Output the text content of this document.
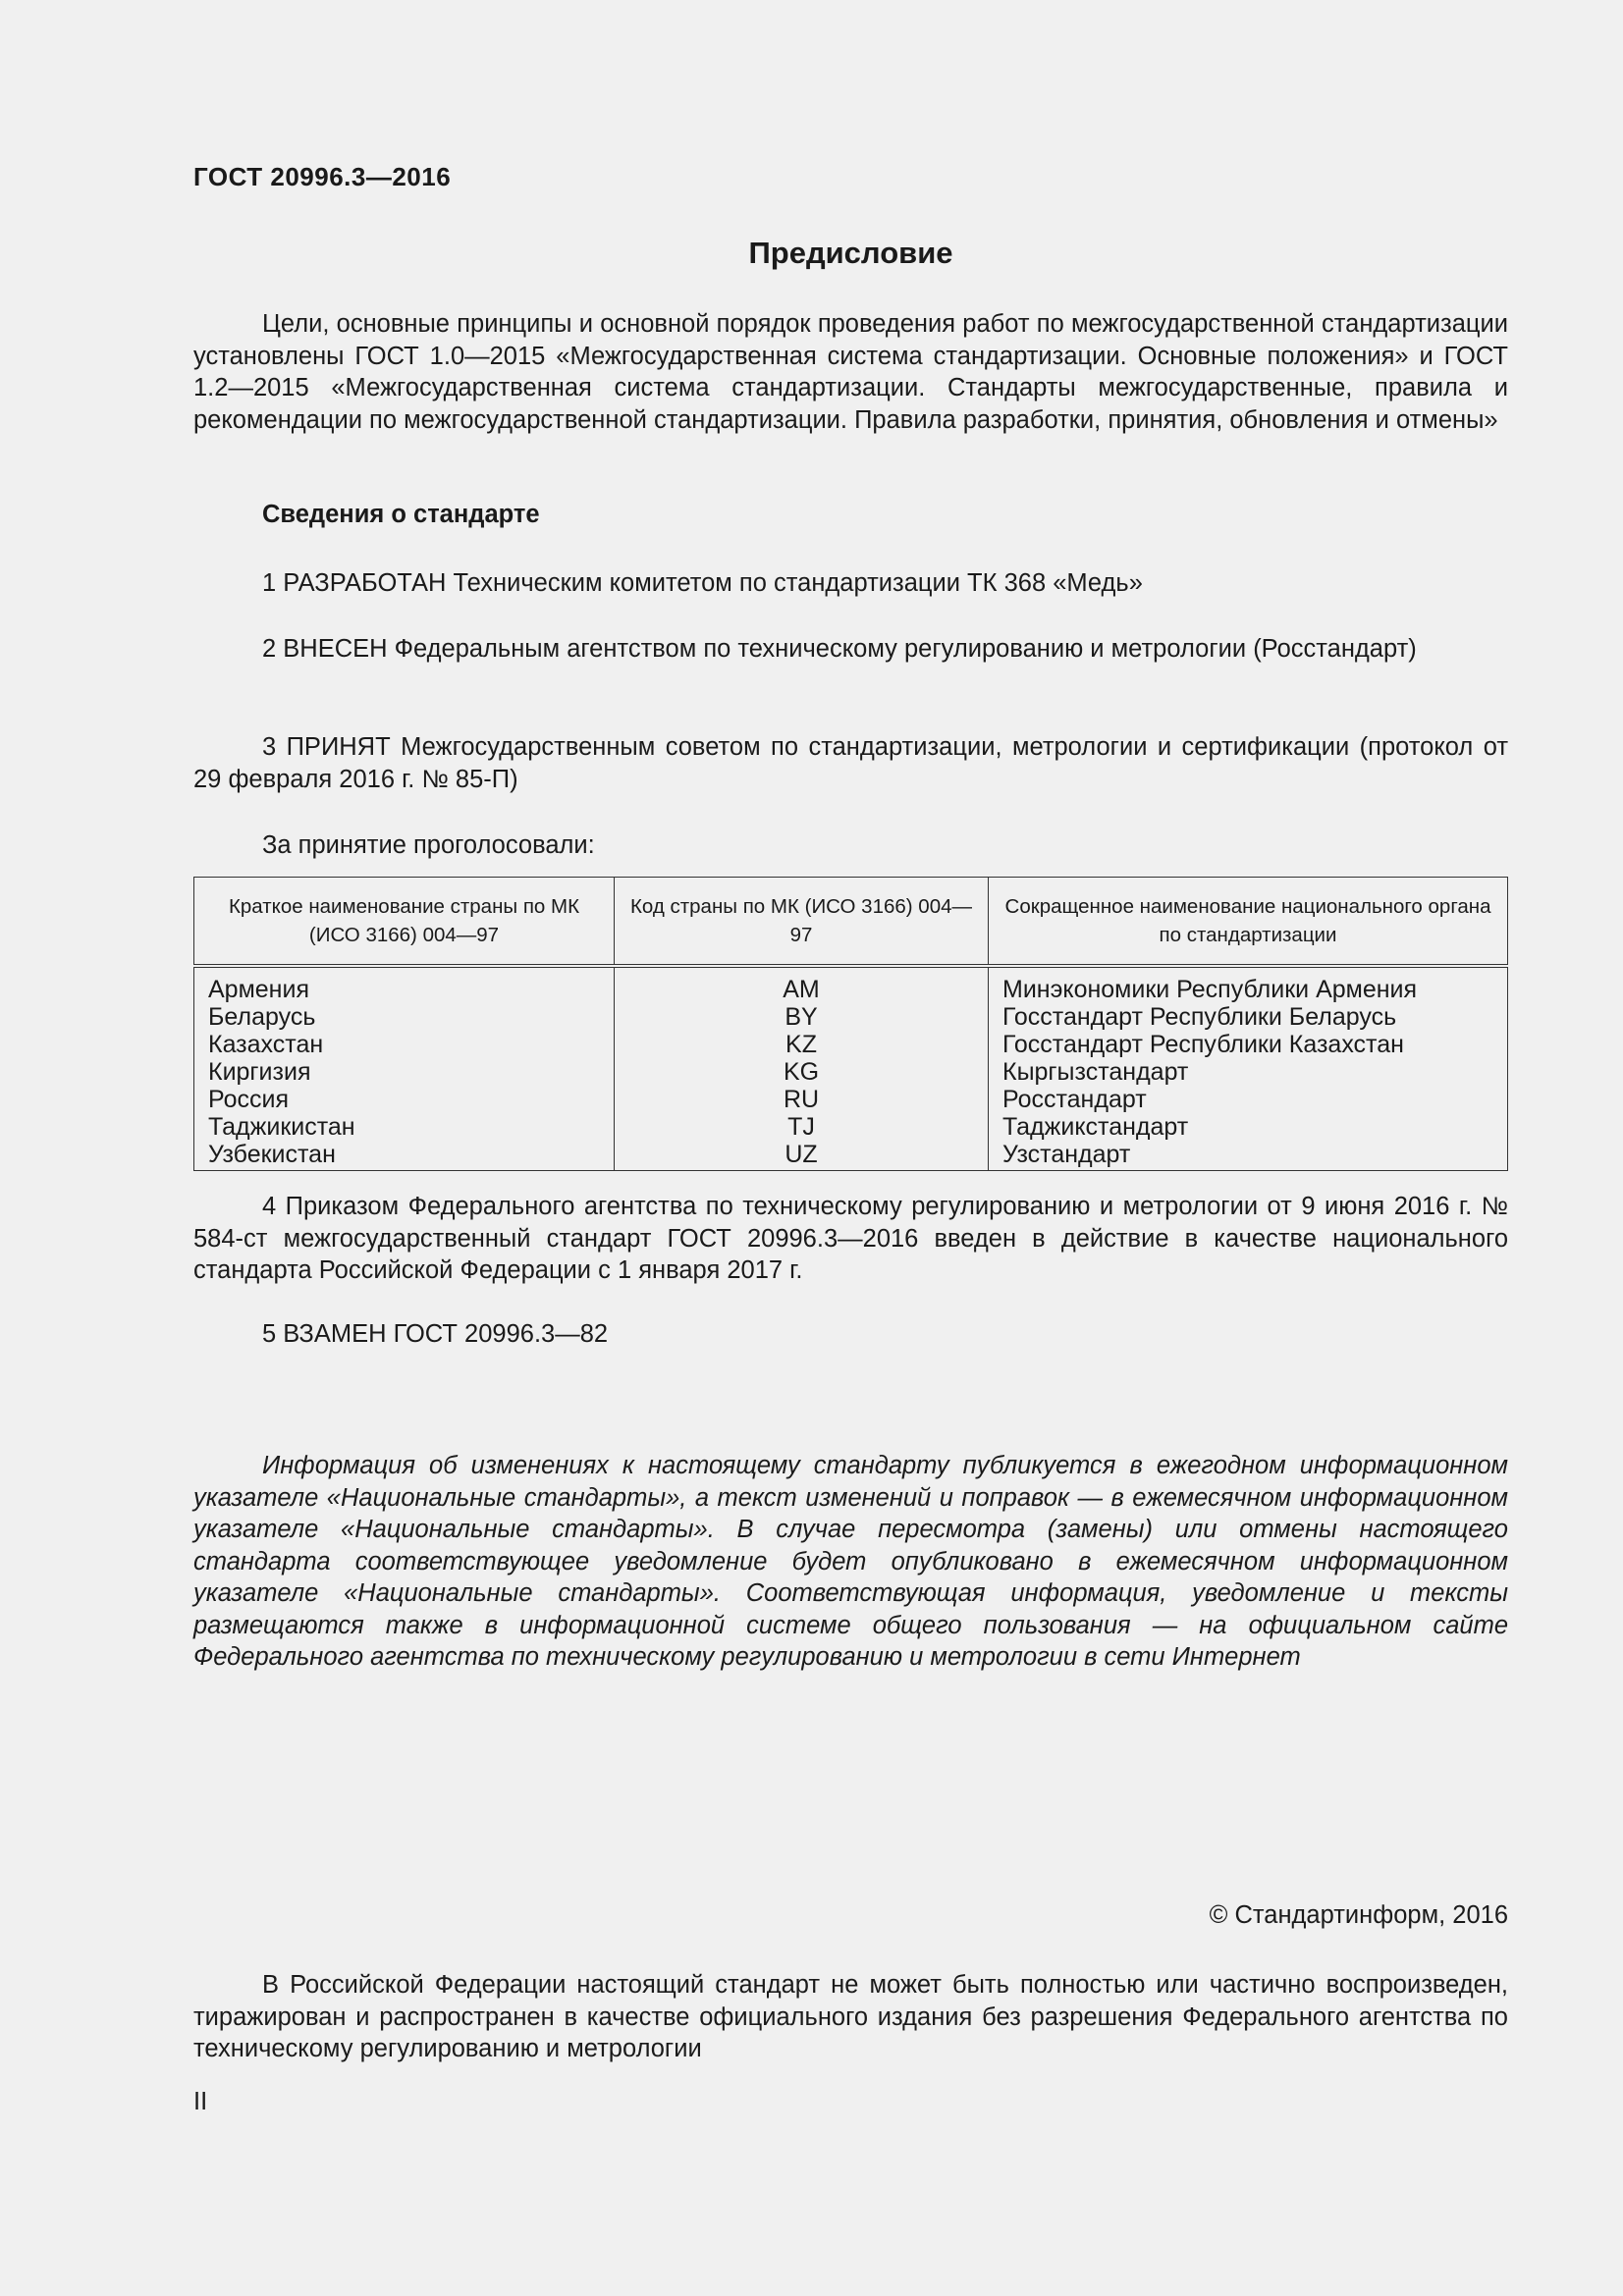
ГОСТ 20996.3—2016
Предисловие

Цели, основные принципы и основной порядок проведения работ по межгосударственной стандартизации установлены ГОСТ 1.0—2015 «Межгосударственная система стандартизации. Основные положения» и ГОСТ 1.2—2015 «Межгосударственная система стандартизации. Стандарты межгосударственные, правила и рекомендации по межгосударственной стандартизации. Правила разработки, принятия, обновления и отмены»

Сведения о стандарте

1 РАЗРАБОТАН Техническим комитетом по стандартизации ТК 368 «Медь»

2 ВНЕСЕН Федеральным агентством по техническому регулированию и метрологии (Росстандарт)

3 ПРИНЯТ Межгосударственным советом по стандартизации, метрологии и сертификации (протокол от 29 февраля 2016 г. № 85-П)

За принятие проголосовали:

Краткое наименование страны по МК (ИСО 3166) 004—97	Код страны по МК (ИСО 3166) 004—97	Сокращенное наименование национального органа по стандартизации
Армения	AM	Минэкономики Республики Армения
Беларусь	BY	Госстандарт Республики Беларусь
Казахстан	KZ	Госстандарт Республики Казахстан
Киргизия	KG	Кыргызстандарт
Россия	RU	Росстандарт
Таджикистан	TJ	Таджикстандарт
Узбекистан	UZ	Узстандарт

4 Приказом Федерального агентства по техническому регулированию и метрологии от 9 июня 2016 г. № 584-ст межгосударственный стандарт ГОСТ 20996.3—2016 введен в действие в качестве национального стандарта Российской Федерации с 1 января 2017 г.

5 ВЗАМЕН ГОСТ 20996.3—82

Информация об изменениях к настоящему стандарту публикуется в ежегодном информационном указателе «Национальные стандарты», а текст изменений и поправок — в ежемесячном информационном указателе «Национальные стандарты». В случае пересмотра (замены) или отмены настоящего стандарта соответствующее уведомление будет опубликовано в ежемесячном информационном указателе «Национальные стандарты». Соответствующая информация, уведомление и тексты размещаются также в информационной системе общего пользования — на официальном сайте Федерального агентства по техническому регулированию и метрологии в сети Интернет

© Стандартинформ, 2016

В Российской Федерации настоящий стандарт не может быть полностью или частично воспроизведен, тиражирован и распространен в качестве официального издания без разрешения Федерального агентства по техническому регулированию и метрологии

II
